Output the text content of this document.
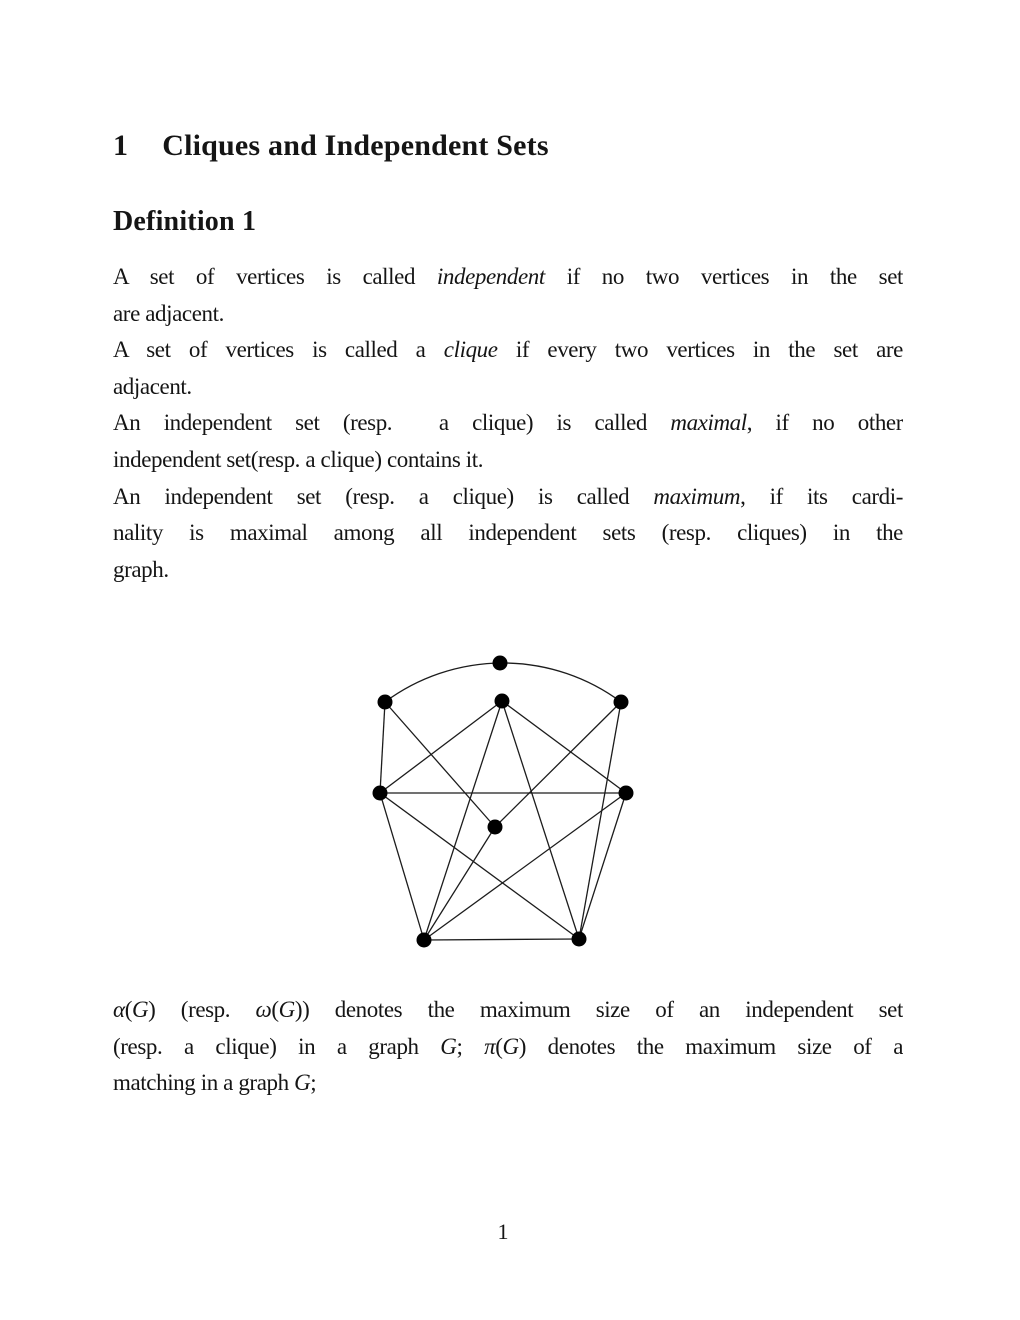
1 Cliques and Independent Sets
Definition 1
A set of vertices is called independent if no two vertices in the set
are adjacent.
A set of vertices is called a clique if every two vertices in the set are
adjacent.
An independent set (resp.  a clique) is called maximal, if no other
independent set(resp. a clique) contains it.
An independent set (resp. a clique) is called maximum, if its cardi-
nality is maximal among all independent sets (resp. cliques) in the
graph.
α(G) (resp. ω(G)) denotes the maximum size of an independent set
(resp. a clique) in a graph G; π(G) denotes the maximum size of a
matching in a graph G;
1
